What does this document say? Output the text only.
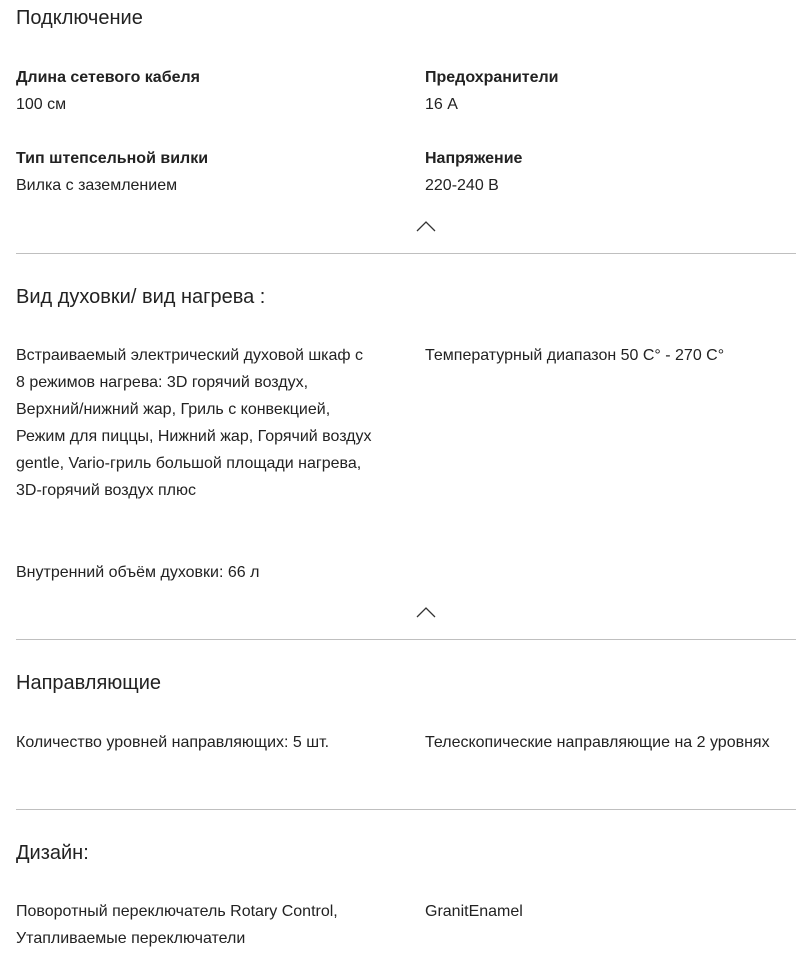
Подключение
Длина сетевого кабеля
100 см
Предохранители
16 А
Тип штепсельной вилки
Вилка с заземлением
Напряжение
220-240 В
Вид духовки/ вид нагрева :
Встраиваемый электрический духовой шкаф с 8 режимов нагрева: 3D горячий воздух, Верхний/нижний жар, Гриль с конвекцией, Режим для пиццы, Нижний жар, Горячий воздух gentle, Vario-гриль большой площади нагрева, 3D-горячий воздух плюс
Температурный диапазон 50 C° - 270 C°
Внутренний объём духовки: 66 л
Направляющие
Количество уровней направляющих: 5 шт.	Телескопические направляющие на 2 уровнях
Дизайн:
Поворотный переключатель Rotary Control, Утапливаемые переключатели
GranitEnamel
